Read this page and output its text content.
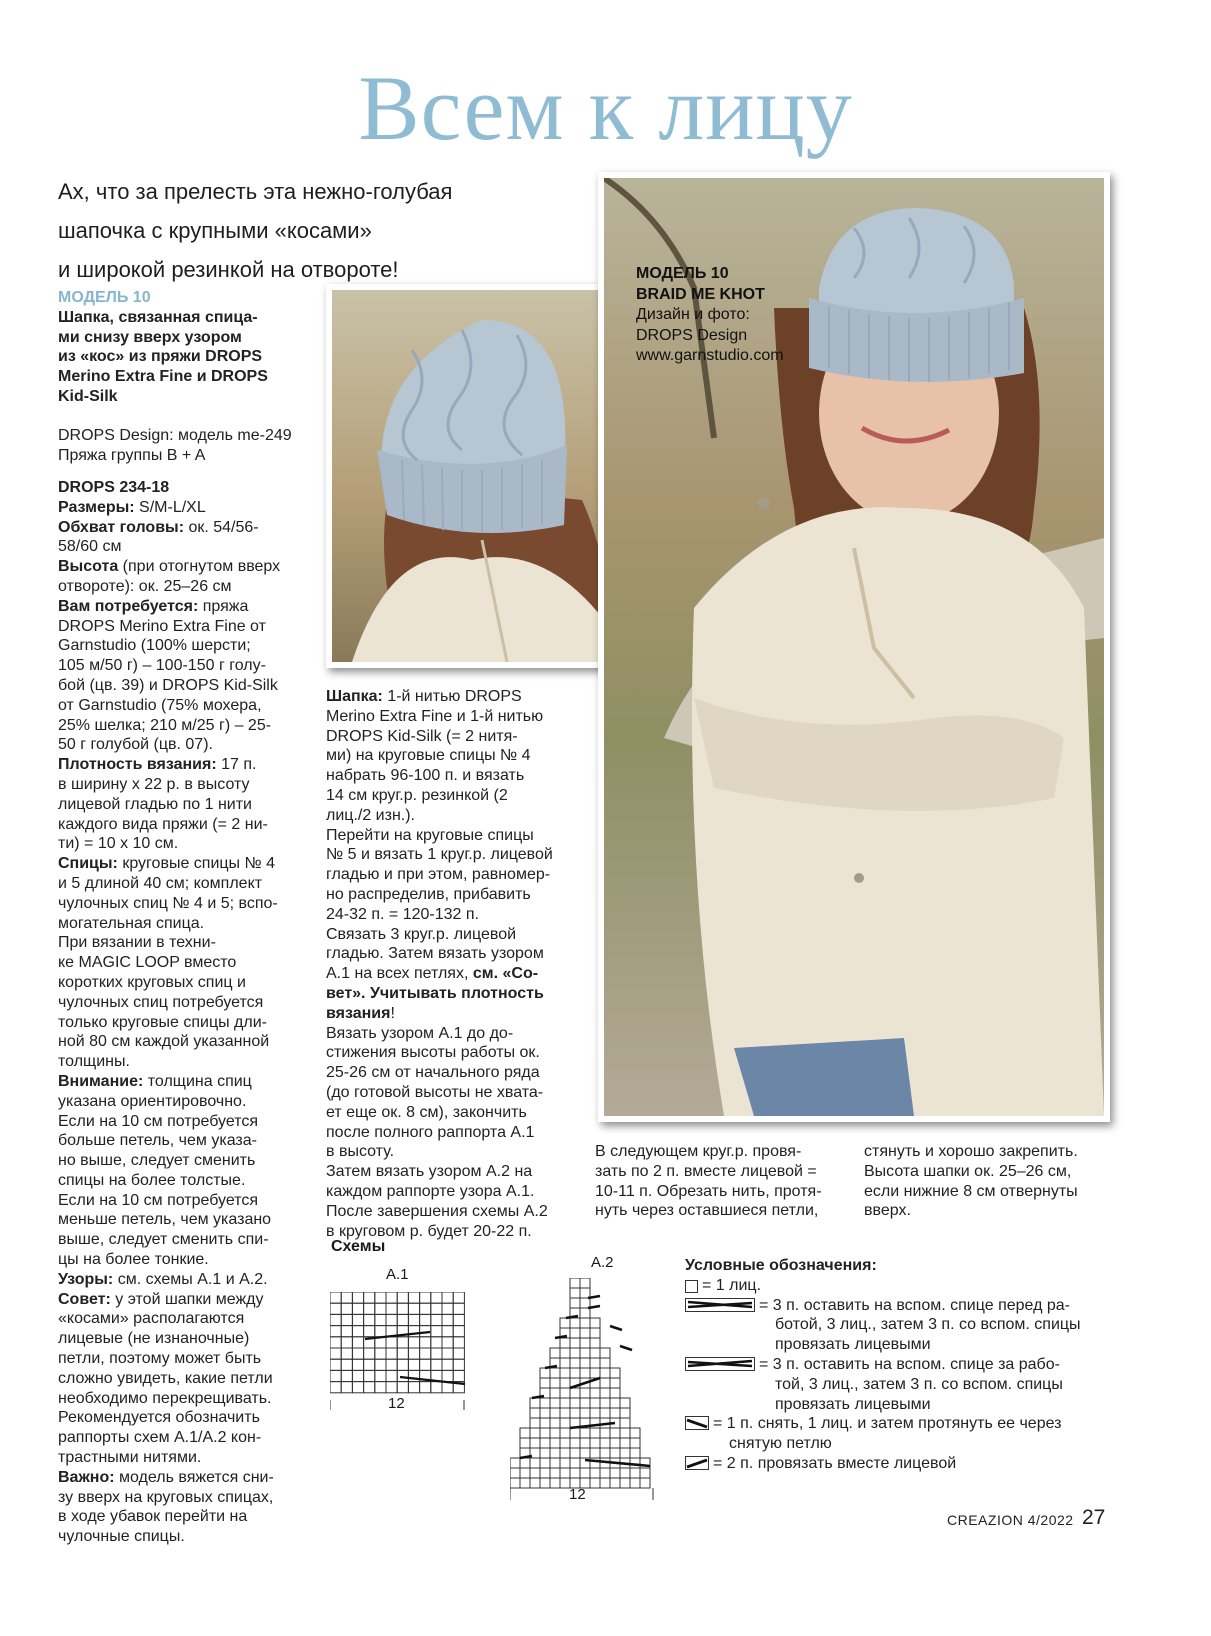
Всем к лицу
Ах, что за прелесть эта нежно-голубая
шапочка с крупными «косами»
и широкой резинкой на отвороте!
МОДЕЛЬ 10
Шапка, связанная спица-
ми снизу вверх узором
из «кос» из пряжи DROPS
Merino Extra Fine и DROPS
Kid-Silk
DROPS Design: модель me-249
Пряжа группы B + A
DROPS 234-18
Размеры: S/M-L/XL
Обхват головы: ок. 54/56-
58/60 см
Высота (при отогнутом вверх
отвороте): ок. 25–26 см
Вам потребуется: пряжа
DROPS Merino Extra Fine от
Garnstudio (100% шерсти;
105 м/50 г) – 100-150 г голу-
бой (цв. 39) и DROPS Kid-Silk
от Garnstudio (75% мохера,
25% шелка; 210 м/25 г) – 25-
50 г голубой (цв. 07).
Плотность вязания: 17 п.
в ширину х 22 р. в высоту
лицевой гладью по 1 нити
каждого вида пряжи (= 2 ни-
ти) = 10 х 10 см.
Спицы: круговые спицы № 4
и 5 длиной 40 см; комплект
чулочных спиц № 4 и 5; вспо-
могательная спица.
При вязании в техни-
ке MAGIC LOOP вместо
коротких круговых спиц и
чулочных спиц потребуется
только круговые спицы дли-
ной 80 см каждой указанной
толщины.
Внимание: толщина спиц
указана ориентировочно.
Если на 10 см потребуется
больше петель, чем указа-
но выше, следует сменить
спицы на более толстые.
Если на 10 см потребуется
меньше петель, чем указано
выше, следует сменить спи-
цы на более тонкие.
Узоры: см. схемы A.1 и A.2.
Совет: у этой шапки между
«косами» располагаются
лицевые (не изнаночные)
петли, поэтому может быть
сложно увидеть, какие петли
необходимо перекрещивать.
Рекомендуется обозначить
раппорты схем A.1/A.2 кон-
трастными нитями.
Важно: модель вяжется сни-
зу вверх на круговых спицах,
в ходе убавок перейти на
чулочные спицы.
МОДЕЛЬ 10
BRAID ME KHOT
Дизайн и фото:
DROPS Design
www.garnstudio.com
Шапка: 1-й нитью DROPS
Merino Extra Fine и 1-й нитью
DROPS Kid-Silk (= 2 нитя-
ми) на круговые спицы № 4
набрать 96-100 п. и вязать
14 см круг.р. резинкой (2
лиц./2 изн.).
Перейти на круговые спицы
№ 5 и вязать 1 круг.р. лицевой
гладью и при этом, равномер-
но распределив, прибавить
24-32 п. = 120-132 п.
Связать 3 круг.р. лицевой
гладью. Затем вязать узором
A.1 на всех петлях, см. «Со-
вет». Учитывать плотность
вязания!
Вязать узором A.1 до до-
стижения высоты работы ок.
25-26 см от начального ряда
(до готовой высоты не хвата-
ет еще ок. 8 см), закончить
после полного раппорта A.1
в высоту.
Затем вязать узором A.2 на
каждом раппорте узора A.1.
После завершения схемы A.2
в круговом р. будет 20-22 п.
В следующем круг.р. провя-
зать по 2 п. вместе лицевой =
10-11 п. Обрезать нить, протя-
нуть через оставшиеся петли,
стянуть и хорошо закрепить.
Высота шапки ок. 25–26 см,
если нижние 8 см отвернуты
вверх.
Схемы
A.1
12
A.2
12
Условные обозначения:
= 1 лиц.
= 3 п. оставить на вспом. спице перед ра-
ботой, 3 лиц., затем 3 п. со вспом. спицы
провязать лицевыми
= 3 п. оставить на вспом. спице за рабо-
той, 3 лиц., затем 3 п. со вспом. спицы
провязать лицевыми
= 1 п. снять, 1 лиц. и затем протянуть ее через
снятую петлю
= 2 п. провязать вместе лицевой
CREAZION 4/2022 27
